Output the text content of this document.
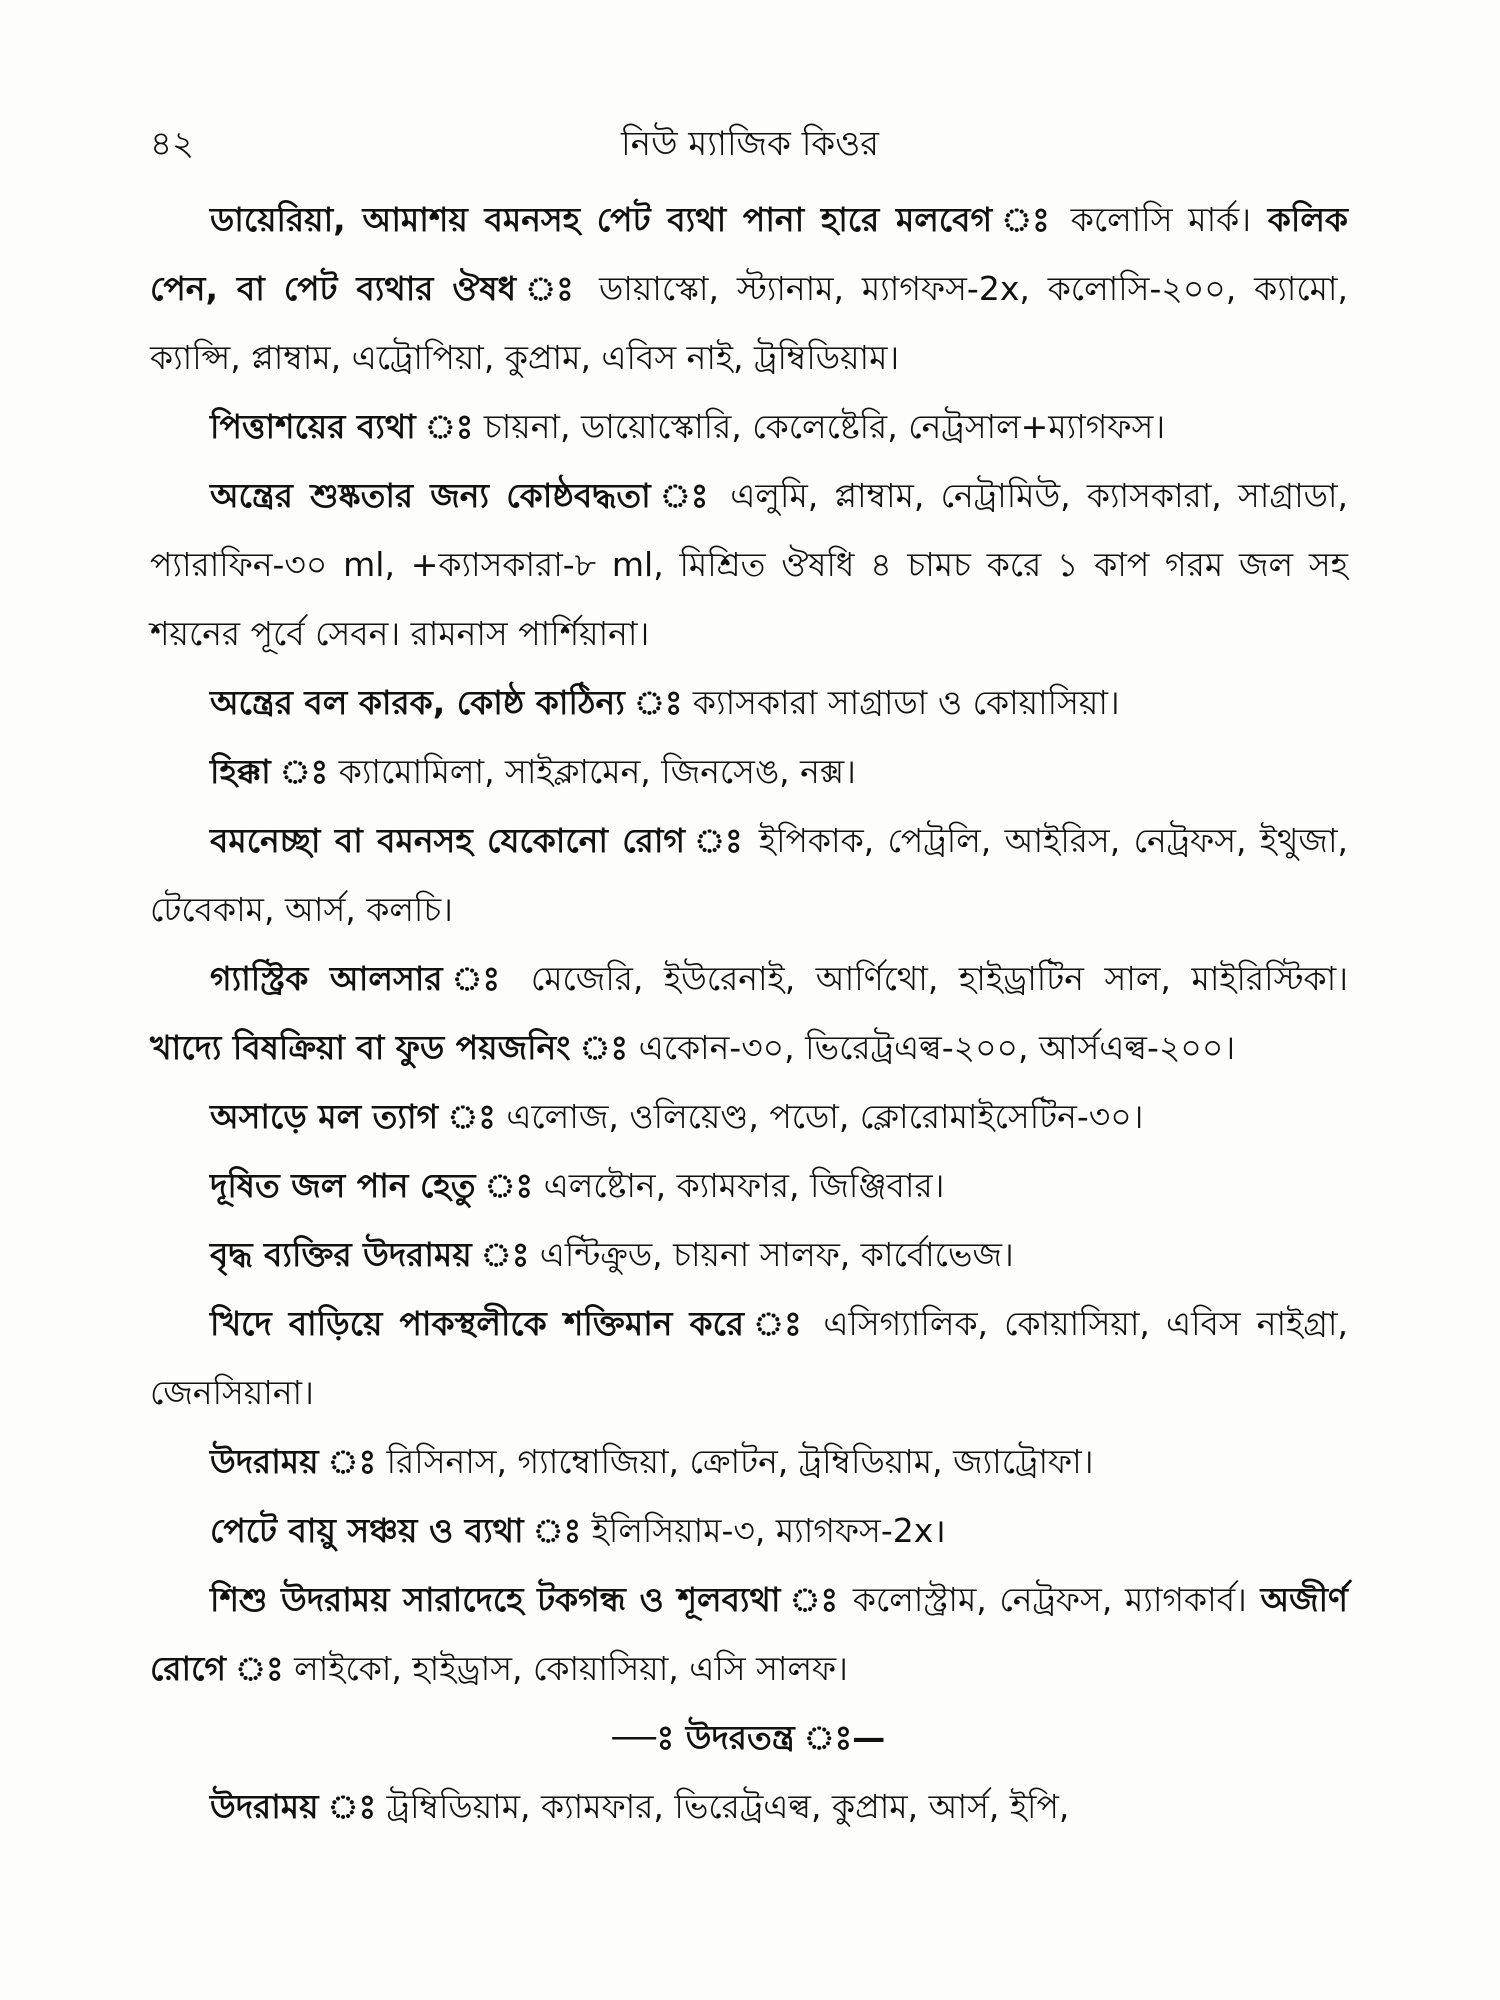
৪২	নিউ ম্যাজিক কিওর

ডায়েরিয়া, আমাশয় বমনসহ পেট ব্যথা পানা হারে মলবেগ ঃ কলোসি মার্ক। কলিক পেন, বা পেট ব্যথার ঔষধ ঃ ডায়াস্কো, স্ট্যানাম, ম্যাগফস-2x, কলোসি-২০০, ক্যামো, ক্যাপ্সি, প্লাম্বাম, এট্রোপিয়া, কুপ্রাম, এবিস নাই, ট্রম্বিডিয়াম।

পিত্তাশয়ের ব্যথা ঃ চায়না, ডায়োস্কোরি, কেলেষ্টেরি, নেট্রসাল+ম্যাগফস।

অন্ত্রের শুষ্কতার জন্য কোষ্ঠবদ্ধতা ঃ এলুমি, প্লাম্বাম, নেট্রামিউ, ক্যাসকারা, সাগ্রাডা, প্যারাফিন-৩০ ml, +ক্যাসকারা-৮ ml, মিশ্রিত ঔষধি ৪ চামচ করে ১ কাপ গরম জল সহ শয়নের পূর্বে সেবন। রামনাস পার্শিয়ানা।

অন্ত্রের বল কারক, কোষ্ঠ কাঠিন্য ঃ ক্যাসকারা সাগ্রাডা ও কোয়াসিয়া।

হিক্কা ঃ ক্যামোমিলা, সাইক্লামেন, জিনসেঙ, নক্স।

বমনেচ্ছা বা বমনসহ যেকোনো রোগ ঃ ইপিকাক, পেট্রলি, আইরিস, নেট্রফস, ইথুজা, টেবেকাম, আর্স, কলচি।

গ্যাস্ট্রিক আলসার ঃ মেজেরি, ইউরেনাই, আর্ণিথো, হাইড্রাটিন সাল, মাইরিস্টিকা। খাদ্যে বিষক্রিয়া বা ফুড পয়জনিং ঃ একোন-৩০, ভিরেট্রএল্ব-২০০, আর্সএল্ব-২০০।

অসাড়ে মল ত্যাগ ঃ এলোজ, ওলিয়েণ্ড, পডো, ক্লোরোমাইসেটিন-৩০।

দূষিত জল পান হেতু ঃ এলষ্টোন, ক্যামফার, জিঞ্জিবার।

বৃদ্ধ ব্যক্তির উদরাময় ঃ এন্টিক্রুড, চায়না সালফ, কার্বোভেজ।

খিদে বাড়িয়ে পাকস্থলীকে শক্তিমান করে ঃ এসিগ্যালিক, কোয়াসিয়া, এবিস নাইগ্রা, জেনসিয়ানা।

উদরাময় ঃ রিসিনাস, গ্যাম্বোজিয়া, ক্রোটন, ট্রম্বিডিয়াম, জ্যাট্রোফা।

পেটে বায়ু সঞ্চয় ও ব্যথা ঃ ইলিসিয়াম-৩, ম্যাগফস-2x।

শিশু উদরাময় সারাদেহে টকগন্ধ ও শূলব্যথা ঃ কলোস্ট্রাম, নেট্রফস, ম্যাগকার্ব। অজীর্ণ রোগে ঃ লাইকো, হাইড্রাস, কোয়াসিয়া, এসি সালফ।

—ঃ উদরতন্ত্র ঃ—

উদরাময় ঃ ট্রম্বিডিয়াম, ক্যামফার, ভিরেট্রএল্ব, কুপ্রাম, আর্স, ইপি,
